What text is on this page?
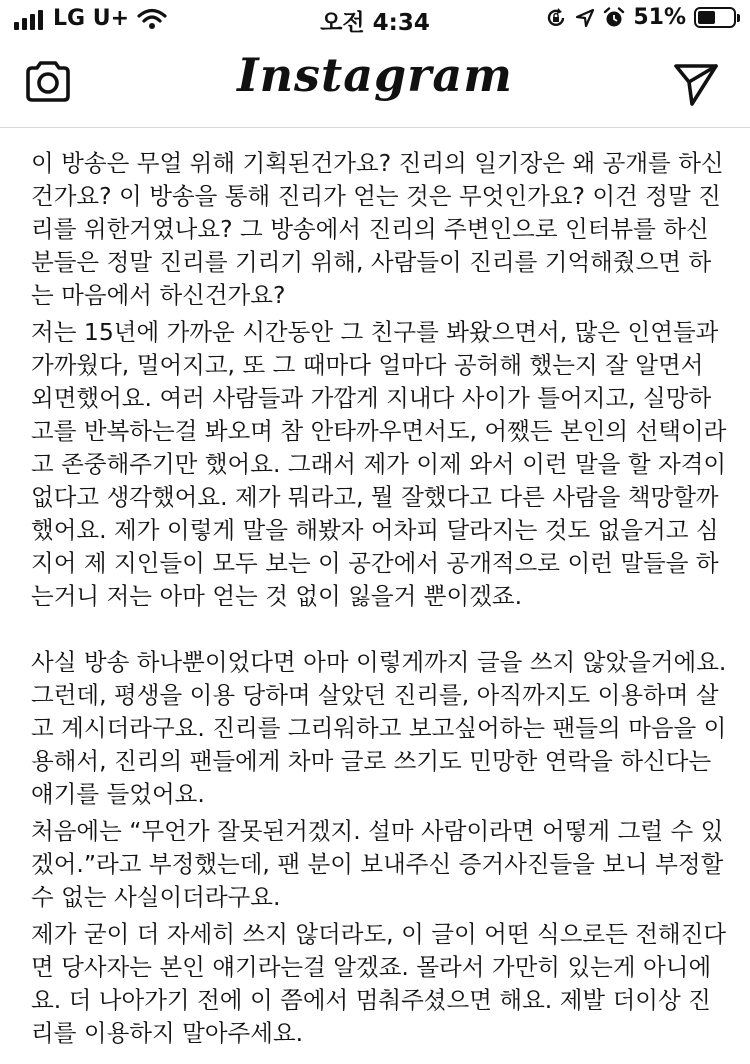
LG U+	오전 4:34	51%
Instagram

이 방송은 무얼 위해 기획된건가요? 진리의 일기장은 왜 공개를 하신건가요? 이 방송을 통해 진리가 얻는 것은 무엇인가요? 이건 정말 진리를 위한거였나요? 그 방송에서 진리의 주변인으로 인터뷰를 하신 분들은 정말 진리를 기리기 위해, 사람들이 진리를 기억해줬으면 하는 마음에서 하신건가요?

저는 15년에 가까운 시간동안 그 친구를 봐왔으면서, 많은 인연들과 가까웠다, 멀어지고, 또 그 때마다 얼마다 공허해 했는지 잘 알면서 외면했어요. 여러 사람들과 가깝게 지내다 사이가 틀어지고, 실망하고를 반복하는걸 봐오며 참 안타까우면서도, 어쨌든 본인의 선택이라고 존중해주기만 했어요. 그래서 제가 이제 와서 이런 말을 할 자격이 없다고 생각했어요. 제가 뭐라고, 뭘 잘했다고 다른 사람을 책망할까 했어요. 제가 이렇게 말을 해봤자 어차피 달라지는 것도 없을거고 심지어 제 지인들이 모두 보는 이 공간에서 공개적으로 이런 말들을 하는거니 저는 아마 얻는 것 없이 잃을거 뿐이겠죠.

사실 방송 하나뿐이었다면 아마 이렇게까지 글을 쓰지 않았을거에요. 그런데, 평생을 이용 당하며 살았던 진리를, 아직까지도 이용하며 살고 계시더라구요. 진리를 그리워하고 보고싶어하는 팬들의 마음을 이용해서, 진리의 팬들에게 차마 글로 쓰기도 민망한 연락을 하신다는 얘기를 들었어요.

처음에는 “무언가 잘못된거겠지. 설마 사람이라면 어떻게 그럴 수 있겠어.”라고 부정했는데, 팬 분이 보내주신 증거사진들을 보니 부정할 수 없는 사실이더라구요.

제가 굳이 더 자세히 쓰지 않더라도, 이 글이 어떤 식으로든 전해진다면 당사자는 본인 얘기라는걸 알겠죠. 몰라서 가만히 있는게 아니에요. 더 나아가기 전에 이 쯤에서 멈춰주셨으면 해요. 제발 더이상 진리를 이용하지 말아주세요.
